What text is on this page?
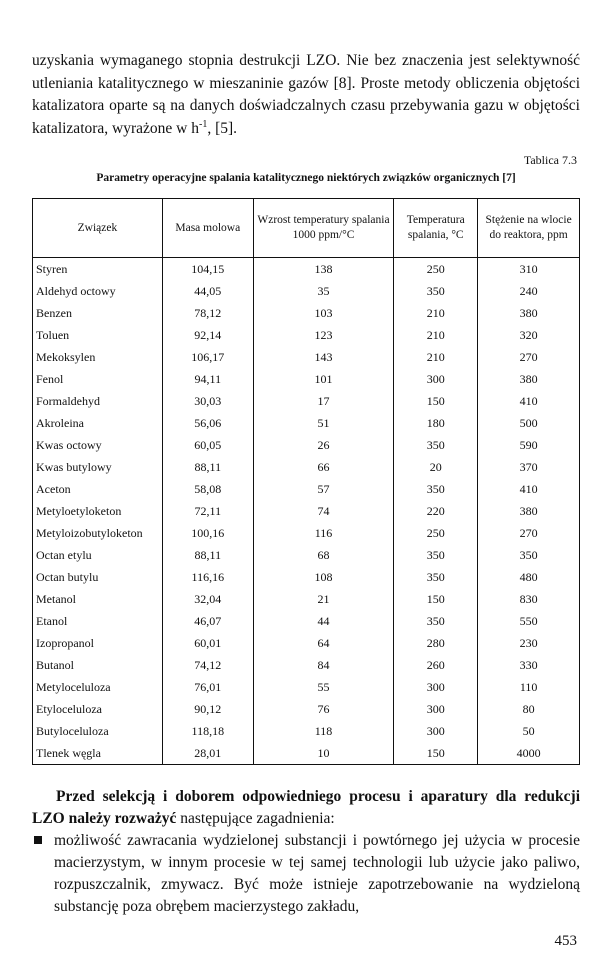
uzyskania wymaganego stopnia destrukcji LZO. Nie bez znaczenia jest selektywność utleniania katalitycznego w mieszaninie gazów [8]. Proste metody obliczenia objętości katalizatora oparte są na danych doświadczalnych czasu przebywania gazu w objętości katalizatora, wyrażone w $h^{-1}$, [5].

Tablica 7.3
Parametry operacyjne spalania katalitycznego niektórych związków organicznych [7]
Związek	Masa molowa	Wzrost temperatury spalania 1000 ppm/°C	Temperatura spalania, °C	Stężenie na wlocie do reaktora, ppm
Styren	104,15	138	250	310
Aldehyd octowy	44,05	35	350	240
Benzen	78,12	103	210	380
Toluen	92,14	123	210	320
Mekoksylen	106,17	143	210	270
Fenol	94,11	101	300	380
Formaldehyd	30,03	17	150	410
Akroleina	56,06	51	180	500
Kwas octowy	60,05	26	350	590
Kwas butylowy	88,11	66	20	370
Aceton	58,08	57	350	410
Metyloetyloketon	72,11	74	220	380
Metyloizobutyloketon	100,16	116	250	270
Octan etylu	88,11	68	350	350
Octan butylu	116,16	108	350	480
Metanol	32,04	21	150	830
Etanol	46,07	44	350	550
Izopropanol	60,01	64	280	230
Butanol	74,12	84	260	330
Metyloceluloza	76,01	55	300	110
Etyloceluloza	90,12	76	300	80
Butyloceluloza	118,18	118	300	50
Tlenek węgla	28,01	10	150	4000

Przed selekcją i doborem odpowiedniego procesu i aparatury dla redukcji LZO należy rozważyć następujące zagadnienia:

możliwość zawracania wydzielonej substancji i powtórnego jej użycia w procesie macierzystym, w innym procesie w tej samej technologii lub użycie jako paliwo, rozpuszczalnik, zmywacz. Być może istnieje zapotrzebowanie na wydzieloną substancję poza obrębem macierzystego zakładu,

453
